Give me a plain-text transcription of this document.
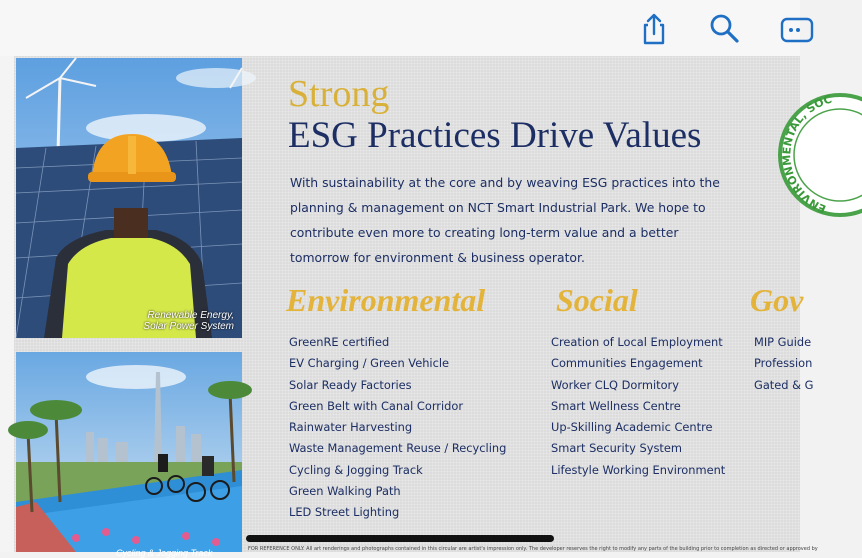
Renewable Energy,
Solar Power System
Cycling & Jogging Track
Strong
ESG Practices Drive Values

With sustainability at the core and by weaving ESG practices into the planning & management on NCT Smart Industrial Park. We hope to contribute even more to creating long-term value and a better tomorrow for environment & business operator.

ENVIRONMENTAL, SOC
Environmental Social	Gov
GreenRE certified
EV Charging / Green Vehicle
Solar Ready Factories
Green Belt with Canal Corridor
Rainwater Harvesting
Waste Management Reuse / Recycling
Cycling & Jogging Track
Green Walking Path
LED Street Lighting
Creation of Local Employment
Communities Engagement
Worker CLQ Dormitory
Smart Wellness Centre
Up-Skilling Academic Centre
Smart Security System
Lifestyle Working Environment
MIP Guide
Profession
Gated & G
FOR REFERENCE ONLY. All art renderings and photographs contained in this circular are artist's impression only. The developer reserves the right to modify any parts of the building prior to completion as directed or approved by
